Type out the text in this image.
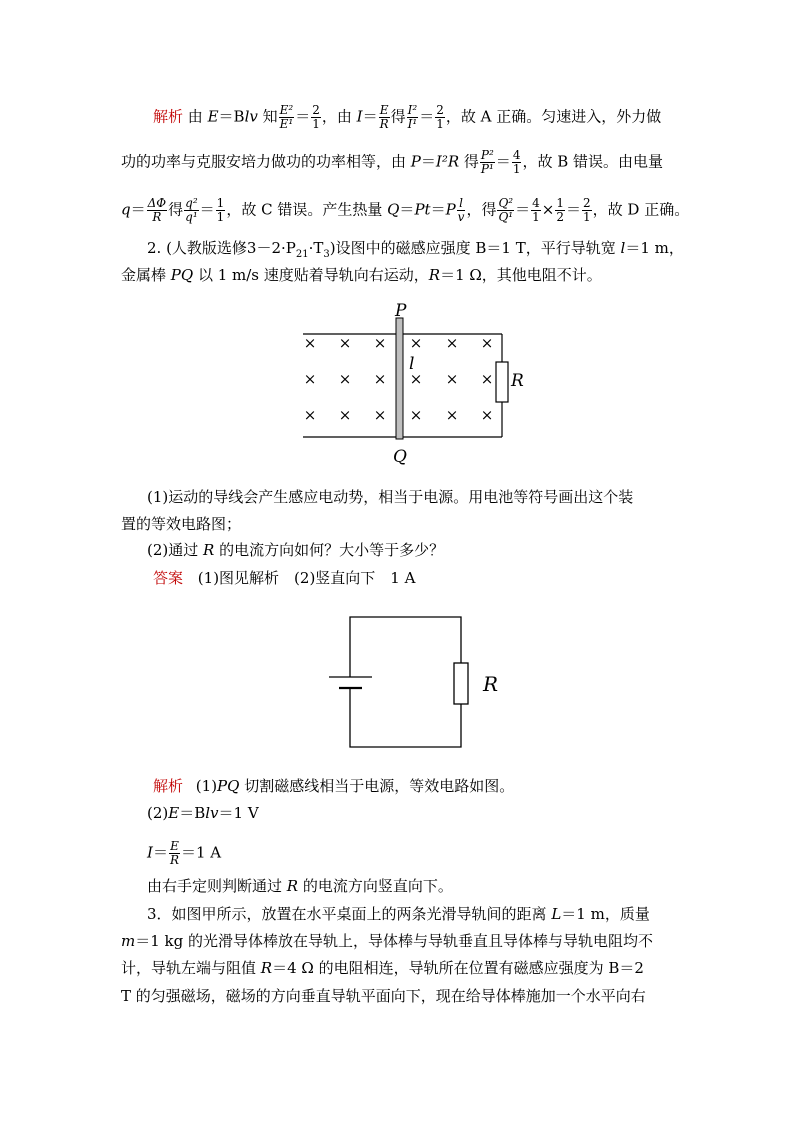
解析 由 E＝Blv 知 $\frac{\text{E²}}{\text{E¹}} = \frac{2}{1}$ ，由 $I= \frac{E}{R}$ 得 $\frac{\text{I²}}{\text{I¹}} = \frac{2}{1}$ ，故 A 正确。匀速进入，外力做
功的功率与克服安培力做功的功率相等，由 P＝I²R 得 $\frac{\text{P²}}{\text{P¹}} = \frac{4}{1}$ ，故 B 错误。由电量
$q= \frac{\Delta\Phi}{R}$ 得 $\frac{\text{q²}}{\text{q¹}} = \frac{1}{1}$ ，故 C 错误。产生热量 $Q=Pt=P \frac{l}{v}$ ，得 $\frac{\text{Q²}}{\text{Q¹}} = \frac{4}{1} \times \frac{1}{2} = \frac{2}{1}$ ，故 D 正确。
2. (人教版选修$3-2\cdot P_{21}\cdot T_3$)设图中的磁感应强度 B＝1 T，平行导轨宽 l＝1 m，
金属棒 PQ 以 1 m/s 速度贴着导轨向右运动，R＝1 Ω，其他电阻不计。
× × × × × ×
× × × × × ×
× × × × × ×
P
Q
l
R
(1)运动的导线会产生感应电动势，相当于电源。用电池等符号画出这个装
置的等效电路图；
(2)通过 R 的电流方向如何？大小等于多少？
答案 (1)图见解析　(2)竖直向下　1 A
R
解析 (1)PQ 切割磁感线相当于电源，等效电路如图。
(2)E＝Blv＝1 V
$I= \frac{E}{R} =1$ A
由右手定则判断通过 R 的电流方向竖直向下。
3．如图甲所示，放置在水平桌面上的两条光滑导轨间的距离 L＝1 m，质量
m＝1 kg 的光滑导体棒放在导轨上，导体棒与导轨垂直且导体棒与导轨电阻均不
计，导轨左端与阻值 R＝4 Ω 的电阻相连，导轨所在位置有磁感应强度为 B＝2
T 的匀强磁场，磁场的方向垂直导轨平面向下，现在给导体棒施加一个水平向右
